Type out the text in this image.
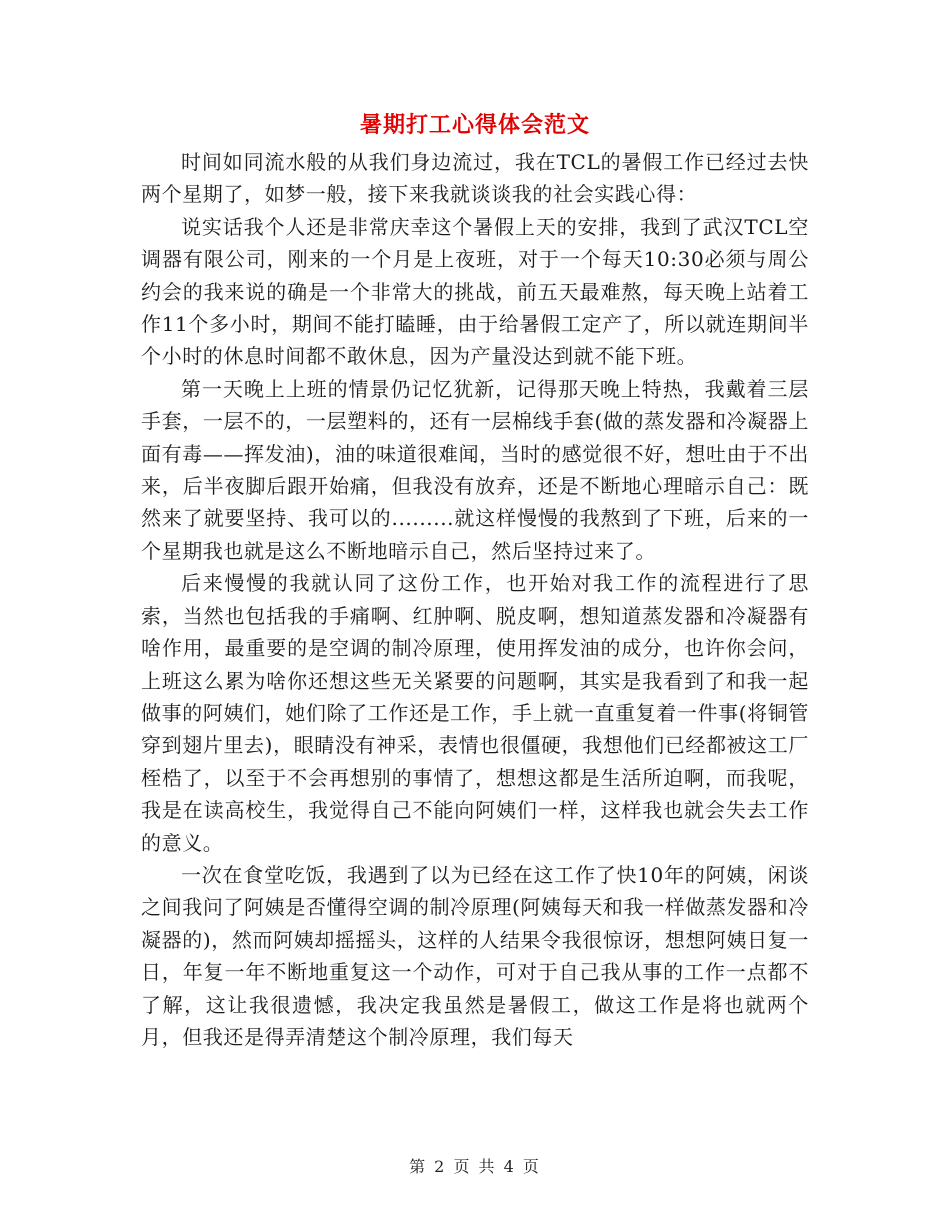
暑期打工心得体会范文

时间如同流水般的从我们身边流过，我在TCL的暑假工作已经过去快两个星期了，如梦一般，接下来我就谈谈我的社会实践心得：

说实话我个人还是非常庆幸这个暑假上天的安排，我到了武汉TCL空调器有限公司，刚来的一个月是上夜班，对于一个每天10:30必须与周公约会的我来说的确是一个非常大的挑战，前五天最难熬，每天晚上站着工作11个多小时，期间不能打瞌睡，由于给暑假工定产了，所以就连期间半个小时的休息时间都不敢休息，因为产量没达到就不能下班。

第一天晚上上班的情景仍记忆犹新，记得那天晚上特热，我戴着三层手套，一层不的，一层塑料的，还有一层棉线手套(做的蒸发器和冷凝器上面有毒——挥发油)，油的味道很难闻，当时的感觉很不好，想吐由于不出来，后半夜脚后跟开始痛，但我没有放弃，还是不断地心理暗示自己：既然来了就要坚持、我可以的.........就这样慢慢的我熬到了下班，后来的一个星期我也就是这么不断地暗示自己，然后坚持过来了。

后来慢慢的我就认同了这份工作，也开始对我工作的流程进行了思索，当然也包括我的手痛啊、红肿啊、脱皮啊，想知道蒸发器和冷凝器有啥作用，最重要的是空调的制冷原理，使用挥发油的成分，也许你会问，上班这么累为啥你还想这些无关紧要的问题啊，其实是我看到了和我一起做事的阿姨们，她们除了工作还是工作，手上就一直重复着一件事(将铜管穿到翅片里去)，眼睛没有神采，表情也很僵硬，我想他们已经都被这工厂桎梏了，以至于不会再想别的事情了，想想这都是生活所迫啊，而我呢，我是在读高校生，我觉得自己不能向阿姨们一样，这样我也就会失去工作的意义。

一次在食堂吃饭，我遇到了以为已经在这工作了快10年的阿姨，闲谈之间我问了阿姨是否懂得空调的制冷原理(阿姨每天和我一样做蒸发器和冷凝器的)，然而阿姨却摇摇头，这样的人结果令我很惊讶，想想阿姨日复一日，年复一年不断地重复这一个动作，可对于自己我从事的工作一点都不了解，这让我很遗憾，我决定我虽然是暑假工，做这工作是将也就两个月，但我还是得弄清楚这个制冷原理，我们每天

第 2 页 共 4 页
